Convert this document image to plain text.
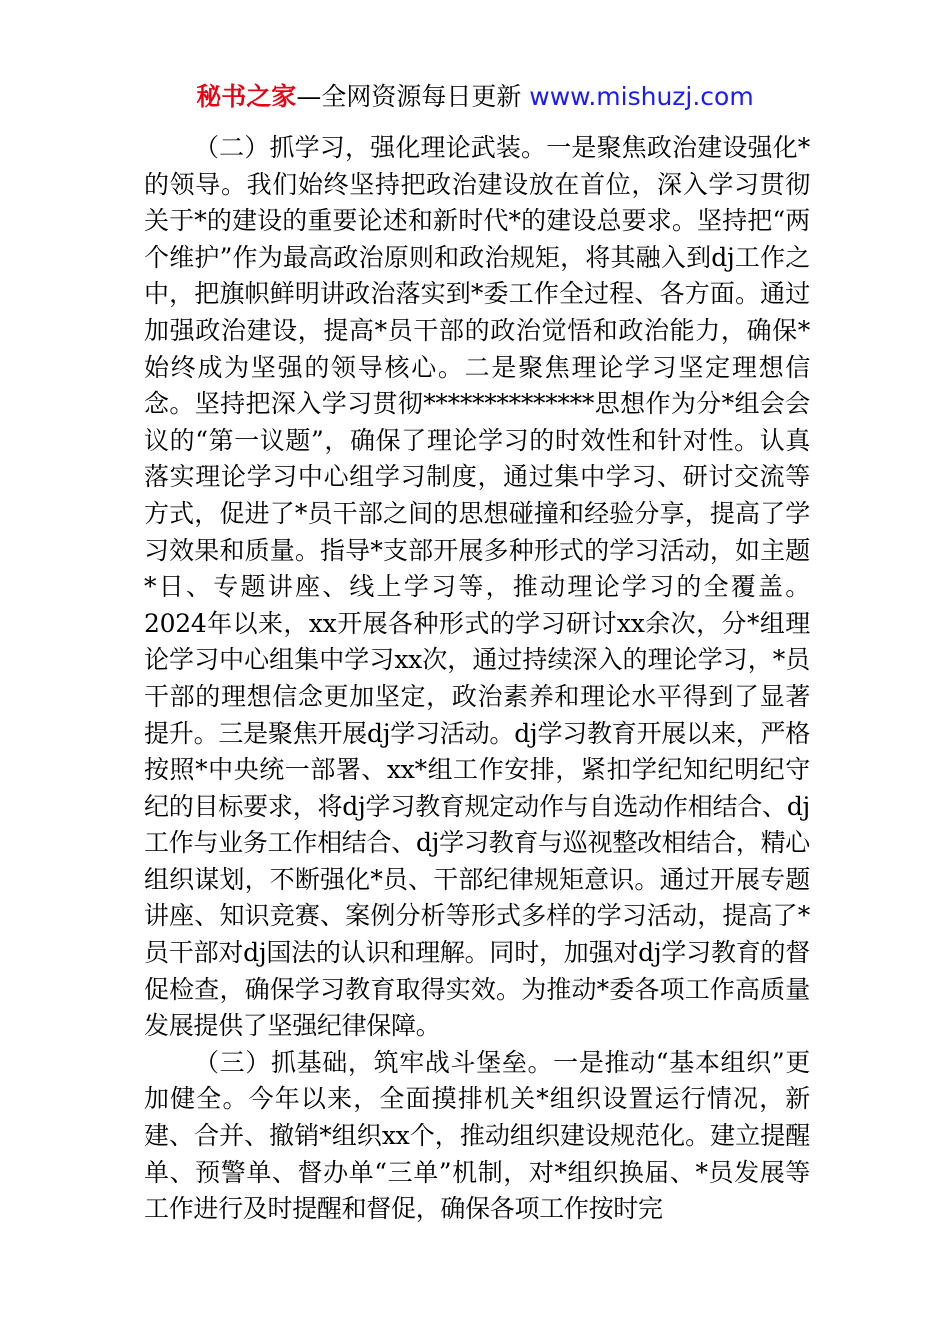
秘书之家—全网资源每日更新 www.mishuzj.com

（二）抓学习，强化理论武装。一是聚焦政治建设强化*的领导。我们始终坚持把政治建设放在首位，深入学习贯彻关于*的建设的重要论述和新时代*的建设总要求。坚持把“两个维护”作为最高政治原则和政治规矩，将其融入到dj工作之中，把旗帜鲜明讲政治落实到*委工作全过程、各方面。通过加强政治建设，提高*员干部的政治觉悟和政治能力，确保*始终成为坚强的领导核心。二是聚焦理论学习坚定理想信念。坚持把深入学习贯彻**************思想作为分*组会会议的“第一议题”，确保了理论学习的时效性和针对性。认真落实理论学习中心组学习制度，通过集中学习、研讨交流等方式，促进了*员干部之间的思想碰撞和经验分享，提高了学习效果和质量。指导*支部开展多种形式的学习活动，如主题*日、专题讲座、线上学习等，推动理论学习的全覆盖。2024年以来，xx开展各种形式的学习研讨xx余次，分*组理论学习中心组集中学习xx次，通过持续深入的理论学习，*员干部的理想信念更加坚定，政治素养和理论水平得到了显著提升。三是聚焦开展dj学习活动。dj学习教育开展以来，严格按照*中央统一部署、xx*组工作安排，紧扣学纪知纪明纪守纪的目标要求，将dj学习教育规定动作与自选动作相结合、dj工作与业务工作相结合、dj学习教育与巡视整改相结合，精心组织谋划，不断强化*员、干部纪律规矩意识。通过开展专题讲座、知识竞赛、案例分析等形式多样的学习活动，提高了*员干部对dj国法的认识和理解。同时，加强对dj学习教育的督促检查，确保学习教育取得实效。为推动*委各项工作高质量发展提供了坚强纪律保障。

（三）抓基础，筑牢战斗堡垒。一是推动“基本组织”更加健全。今年以来，全面摸排机关*组织设置运行情况，新建、合并、撤销*组织xx个，推动组织建设规范化。建立提醒单、预警单、督办单“三单”机制，对*组织换届、*员发展等工作进行及时提醒和督促，确保各项工作按时完
